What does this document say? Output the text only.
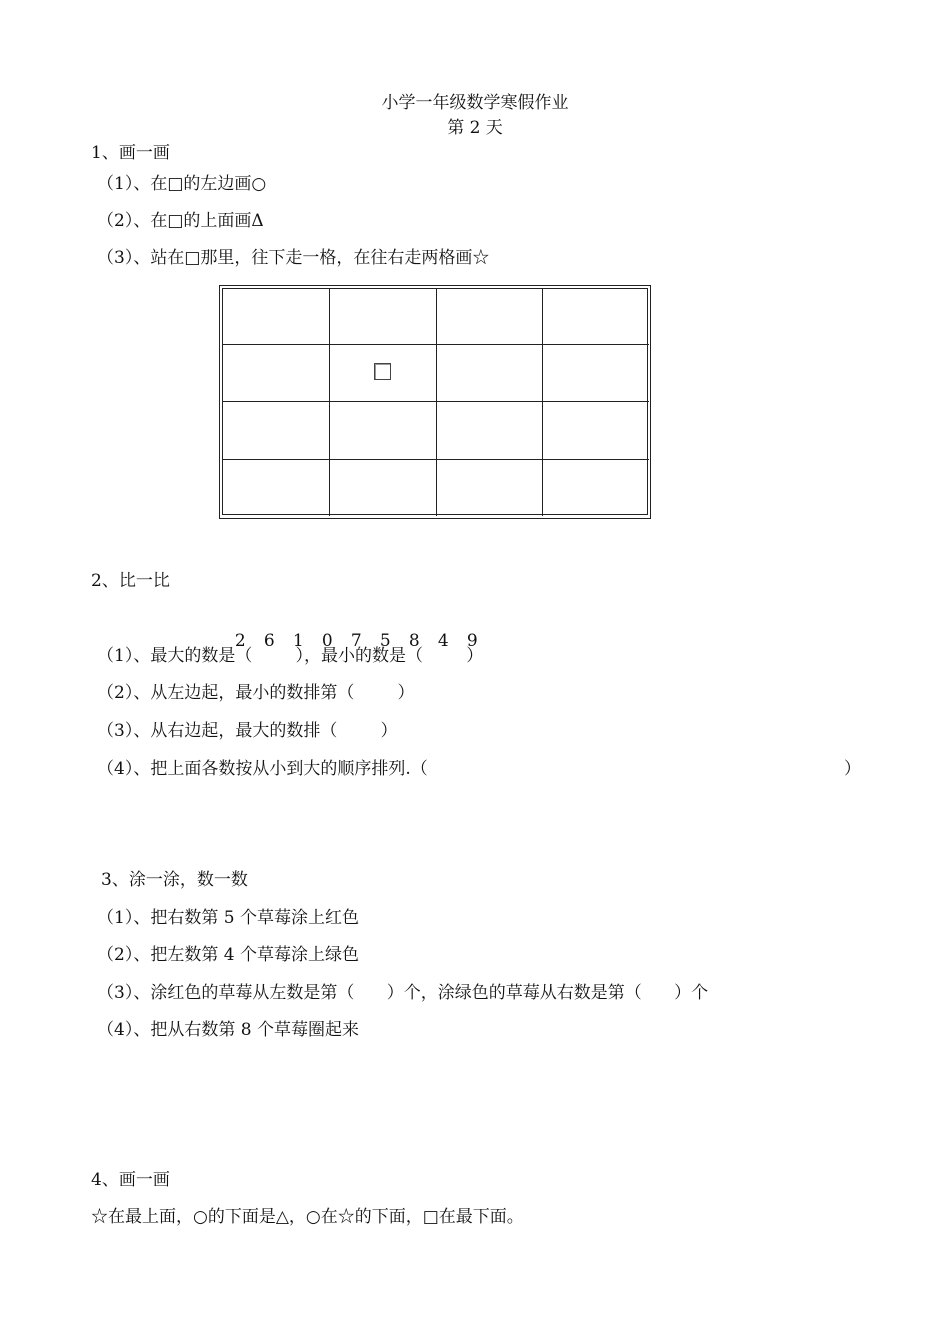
小学一年级数学寒假作业
第 2 天
1、画一画
（1）、在□的左边画○
（2）、在□的上面画Δ
（3）、站在□那里，往下走一格，在往右走两格画☆
2、比一比

2 6 1 0 7 5 8 4 9

（1）、最大的数是（        ），最小的数是（        ）
（2）、从左边起，最小的数排第（        ）
（3）、从右边起，最大的数排（        ）
（4）、把上面各数按从小到大的顺序排列.（	）
3、涂一涂，数一数
（1）、把右数第 5 个草莓涂上红色
（2）、把左数第 4 个草莓涂上绿色
（3）、涂红色的草莓从左数是第（      ）个，涂绿色的草莓从右数是第（      ）个
（4）、把从右数第 8 个草莓圈起来
4、画一画
☆在最上面，○的下面是△，○在☆的下面，□在最下面。
